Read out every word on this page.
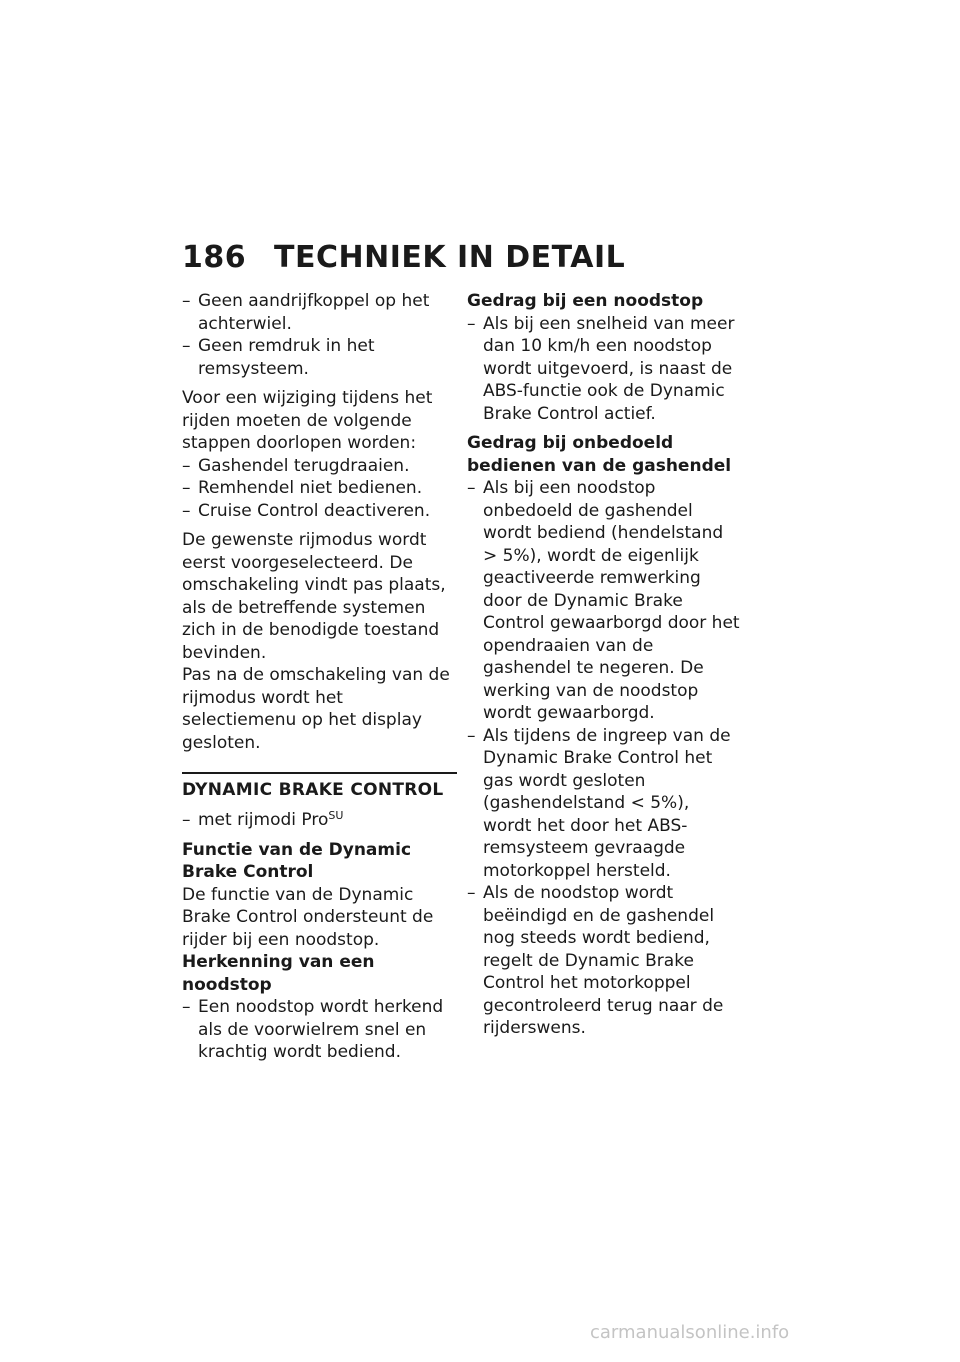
186 TECHNIEK IN DETAIL
– Geen aandrijfkoppel op het achterwiel.
– Geen remdruk in het remsysteem.

Voor een wijziging tijdens het rijden moeten de volgende stappen doorlopen worden:

– Gashendel terugdraaien.
– Remhendel niet bedienen.
– Cruise Control deactiveren.

De gewenste rijmodus wordt eerst voorgeselecteerd. De omschakeling vindt pas plaats, als de betreffende systemen zich in de benodigde toestand bevinden.

Pas na de omschakeling van de rijmodus wordt het selectiemenu op het display gesloten.

DYNAMIC BRAKE CONTROL
– met rijmodi Pro$^{SU}$
Functie van de Dynamic Brake Control

De functie van de Dynamic Brake Control ondersteunt de rijder bij een noodstop.

Herkenning van een noodstop
– Een noodstop wordt herkend als de voorwielrem snel en krachtig wordt bediend.
Gedrag bij een noodstop
– Als bij een snelheid van meer dan 10 km/h een noodstop wordt uitgevoerd, is naast de ABS-functie ook de Dynamic Brake Control actief.
Gedrag bij onbedoeld bedienen van de gashendel
– Als bij een noodstop onbedoeld de gashendel wordt bediend (hendelstand > 5%), wordt de eigenlijk geactiveerde remwerking door de Dynamic Brake Control gewaarborgd door het opendraaien van de gashendel te negeren. De werking van de noodstop wordt gewaarborgd.
– Als tijdens de ingreep van de Dynamic Brake Control het gas wordt gesloten (gashendelstand < 5%), wordt het door het ABS-remsysteem gevraagde motorkoppel hersteld.
– Als de noodstop wordt beëindigd en de gashendel nog steeds wordt bediend, regelt de Dynamic Brake Control het motorkoppel gecontroleerd terug naar de rijderswens.
carmanualsonline.info
